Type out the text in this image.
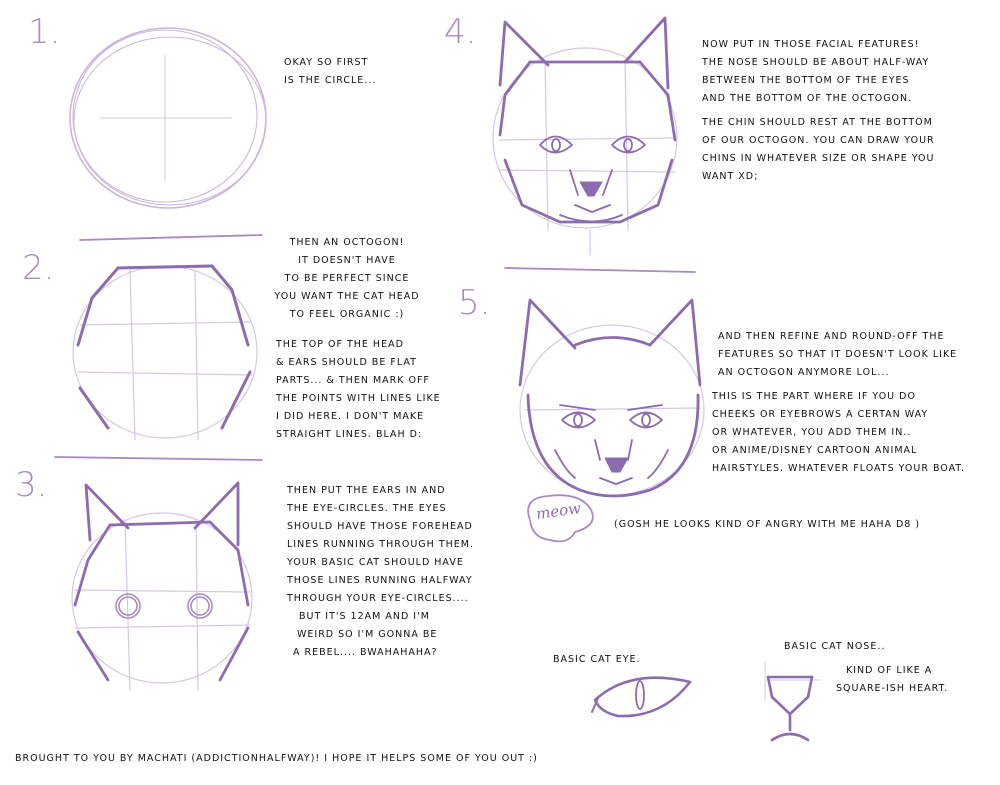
1.
2.
3.
4.
5.
OKAY SO FIRST
IS THE CIRCLE...
THEN AN OCTOGON!
IT DOESN'T HAVE
TO BE PERFECT SINCE
YOU WANT THE CAT HEAD
TO FEEL ORGANIC :)
THE TOP OF THE HEAD
& EARS SHOULD BE FLAT
PARTS... & THEN MARK OFF
THE POINTS WITH LINES LIKE
I DID HERE. I DON'T MAKE
STRAIGHT LINES. BLAH D:
THEN PUT THE EARS IN AND
THE EYE-CIRCLES. THE EYES
SHOULD HAVE THOSE FOREHEAD
LINES RUNNING THROUGH THEM.
YOUR BASIC CAT SHOULD HAVE
THOSE LINES RUNNING HALFWAY
THROUGH YOUR EYE-CIRCLES....
BUT IT'S 12AM AND I'M
WEIRD SO I'M GONNA BE
A REBEL.... BWAHAHAHA?
NOW PUT IN THOSE FACIAL FEATURES!
THE NOSE SHOULD BE ABOUT HALF-WAY
BETWEEN THE BOTTOM OF THE EYES
AND THE BOTTOM OF THE OCTOGON.
THE CHIN SHOULD REST AT THE BOTTOM
OF OUR OCTOGON. YOU CAN DRAW YOUR
CHINS IN WHATEVER SIZE OR SHAPE YOU
WANT XD;
AND THEN REFINE AND ROUND-OFF THE
FEATURES SO THAT IT DOESN'T LOOK LIKE
AN OCTOGON ANYMORE LOL...
THIS IS THE PART WHERE IF YOU DO
CHEEKS OR EYEBROWS A CERTAN WAY
OR WHATEVER, YOU ADD THEM IN..
OR ANIME/DISNEY CARTOON ANIMAL
HAIRSTYLES. WHATEVER FLOATS YOUR BOAT.
meow
(GOSH HE LOOKS KIND OF ANGRY WITH ME HAHA D8 )
BASIC CAT EYE.
BASIC CAT NOSE..
KIND OF LIKE A
SQUARE-ISH HEART.
BROUGHT TO YOU BY MACHATI (ADDICTIONHALFWAY)! I HOPE IT HELPS SOME OF YOU OUT :)
